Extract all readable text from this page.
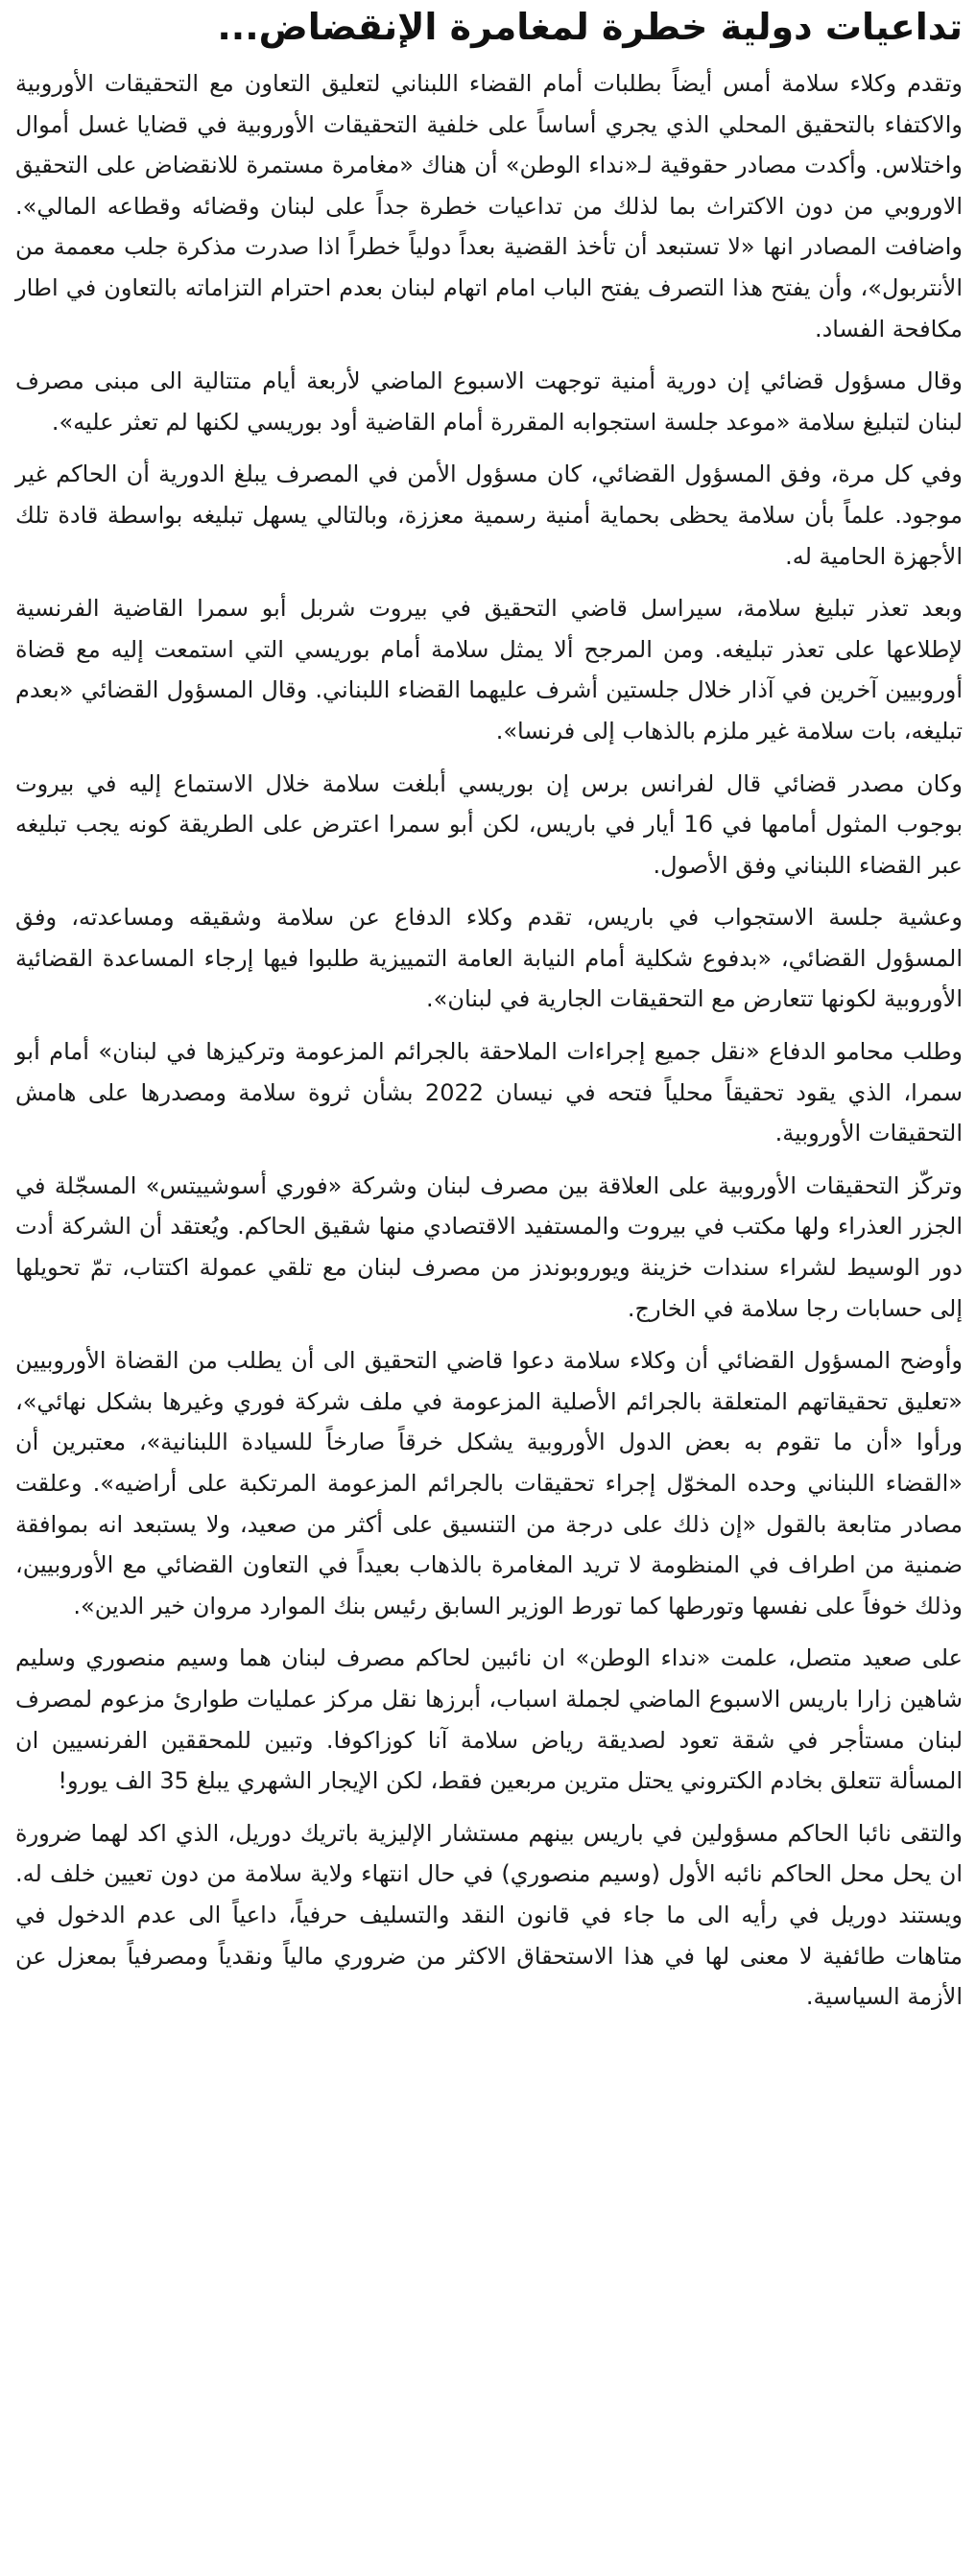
تداعيات دولية خطرة لمغامرة الإنقضاض...

وتقدم وكلاء سلامة أمس أيضاً بطلبات أمام القضاء اللبناني لتعليق التعاون مع التحقيقات الأوروبية والاكتفاء بالتحقيق المحلي الذي يجري أساساً على خلفية التحقيقات الأوروبية في قضايا غسل أموال واختلاس. وأكدت مصادر حقوقية لـ«نداء الوطن» أن هناك «مغامرة مستمرة للانقضاض على التحقيق الاوروبي من دون الاكتراث بما لذلك من تداعيات خطرة جداً على لبنان وقضائه وقطاعه المالي». واضافت المصادر انها «لا تستبعد أن تأخذ القضية بعداً دولياً خطراً اذا صدرت مذكرة جلب معممة من الأنتربول»، وأن يفتح هذا التصرف يفتح الباب امام اتهام لبنان بعدم احترام التزاماته بالتعاون في اطار مكافحة الفساد.

وقال مسؤول قضائي إن دورية أمنية توجهت الاسبوع الماضي لأربعة أيام متتالية الى مبنى مصرف لبنان لتبليغ سلامة «موعد جلسة استجوابه المقررة أمام القاضية أود بوريسي لكنها لم تعثر عليه».

وفي كل مرة، وفق المسؤول القضائي، كان مسؤول الأمن في المصرف يبلغ الدورية أن الحاكم غير موجود. علماً بأن سلامة يحظى بحماية أمنية رسمية معززة، وبالتالي يسهل تبليغه بواسطة قادة تلك الأجهزة الحامية له.

وبعد تعذر تبليغ سلامة، سيراسل قاضي التحقيق في بيروت شربل أبو سمرا القاضية الفرنسية لإطلاعها على تعذر تبليغه. ومن المرجح ألا يمثل سلامة أمام بوريسي التي استمعت إليه مع قضاة أوروبيين آخرين في آذار خلال جلستين أشرف عليهما القضاء اللبناني. وقال المسؤول القضائي «بعدم تبليغه، بات سلامة غير ملزم بالذهاب إلى فرنسا».

وكان مصدر قضائي قال لفرانس برس إن بوريسي أبلغت سلامة خلال الاستماع إليه في بيروت بوجوب المثول أمامها في 16 أيار في باريس، لكن أبو سمرا اعترض على الطريقة كونه يجب تبليغه عبر القضاء اللبناني وفق الأصول.

وعشية جلسة الاستجواب في باريس، تقدم وكلاء الدفاع عن سلامة وشقيقه ومساعدته، وفق المسؤول القضائي، «بدفوع شكلية أمام النيابة العامة التمييزية طلبوا فيها إرجاء المساعدة القضائية الأوروبية لكونها تتعارض مع التحقيقات الجارية في لبنان».

وطلب محامو الدفاع «نقل جميع إجراءات الملاحقة بالجرائم المزعومة وتركيزها في لبنان» أمام أبو سمرا، الذي يقود تحقيقاً محلياً فتحه في نيسان 2022 بشأن ثروة سلامة ومصدرها على هامش التحقيقات الأوروبية.

وتركّز التحقيقات الأوروبية على العلاقة بين مصرف لبنان وشركة «فوري أسوشييتس» المسجّلة في الجزر العذراء ولها مكتب في بيروت والمستفيد الاقتصادي منها شقيق الحاكم. ويُعتقد أن الشركة أدت دور الوسيط لشراء سندات خزينة ويوروبوندز من مصرف لبنان مع تلقي عمولة اكتتاب، تمّ تحويلها إلى حسابات رجا سلامة في الخارج.

وأوضح المسؤول القضائي أن وكلاء سلامة دعوا قاضي التحقيق الى أن يطلب من القضاة الأوروبيين «تعليق تحقيقاتهم المتعلقة بالجرائم الأصلية المزعومة في ملف شركة فوري وغيرها بشكل نهائي»، ورأوا «أن ما تقوم به بعض الدول الأوروبية يشكل خرقاً صارخاً للسيادة اللبنانية»، معتبرين أن «القضاء اللبناني وحده المخوّل إجراء تحقيقات بالجرائم المزعومة المرتكبة على أراضيه». وعلقت مصادر متابعة بالقول «إن ذلك على درجة من التنسيق على أكثر من صعيد، ولا يستبعد انه بموافقة ضمنية من اطراف في المنظومة لا تريد المغامرة بالذهاب بعيداً في التعاون القضائي مع الأوروبيين، وذلك خوفاً على نفسها وتورطها كما تورط الوزير السابق رئيس بنك الموارد مروان خير الدين».

على صعيد متصل، علمت «نداء الوطن» ان نائبين لحاكم مصرف لبنان هما وسيم منصوري وسليم شاهين زارا باريس الاسبوع الماضي لجملة اسباب، أبرزها نقل مركز عمليات طوارئ مزعوم لمصرف لبنان مستأجر في شقة تعود لصديقة رياض سلامة آنا كوزاكوفا. وتبين للمحققين الفرنسيين ان المسألة تتعلق بخادم الكتروني يحتل مترين مربعين فقط، لكن الإيجار الشهري يبلغ 35 الف يورو!

والتقى نائبا الحاكم مسؤولين في باريس بينهم مستشار الإليزية باتريك دوريل، الذي اكد لهما ضرورة ان يحل محل الحاكم نائبه الأول (وسيم منصوري) في حال انتهاء ولاية سلامة من دون تعيين خلف له. ويستند دوريل في رأيه الى ما جاء في قانون النقد والتسليف حرفياً، داعياً الى عدم الدخول في متاهات طائفية لا معنى لها في هذا الاستحقاق الاكثر من ضروري مالياً ونقدياً ومصرفياً بمعزل عن الأزمة السياسية.
